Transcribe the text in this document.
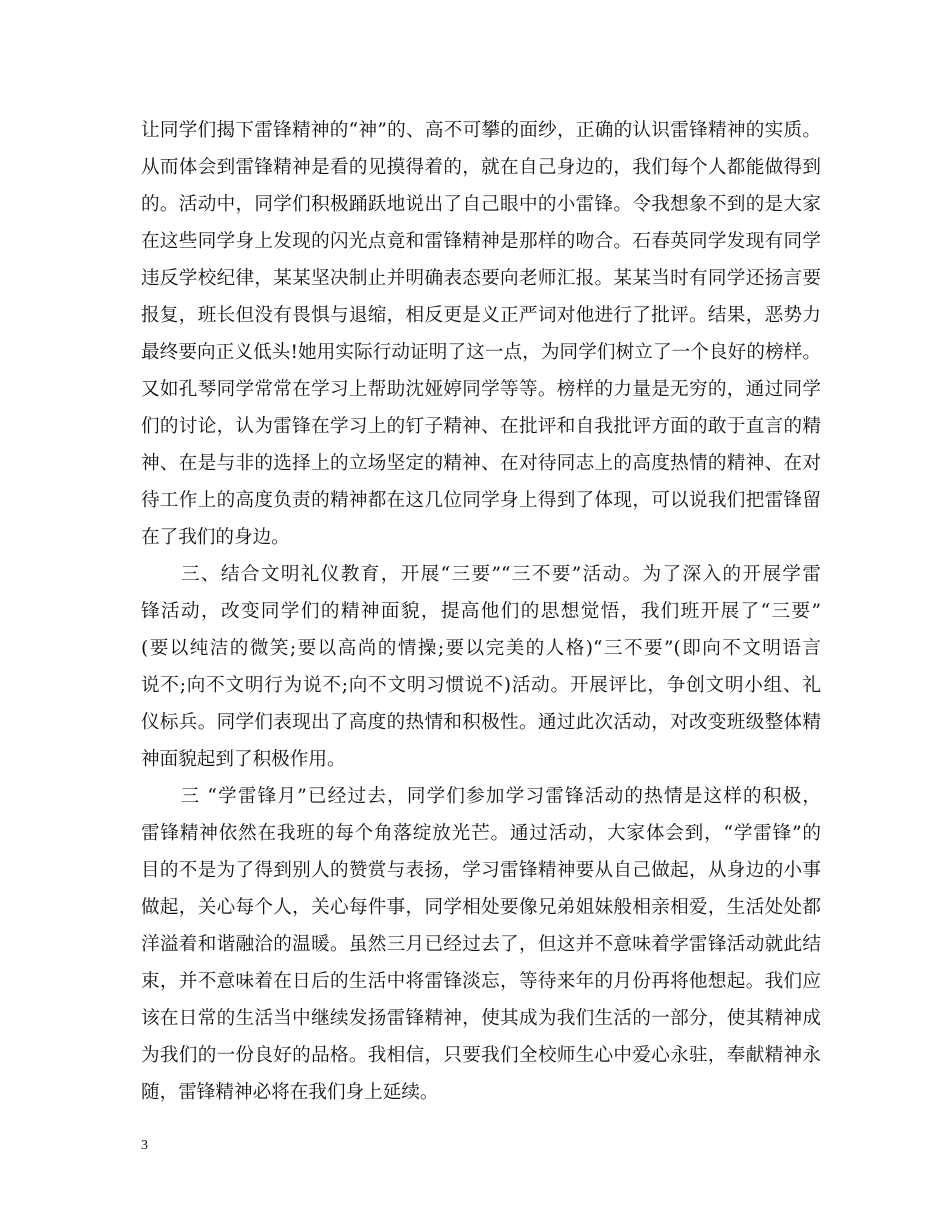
让同学们揭下雷锋精神的“神”的、高不可攀的面纱，正确的认识雷锋精神的实质。
从而体会到雷锋精神是看的见摸得着的，就在自己身边的，我们每个人都能做得到
的。活动中，同学们积极踊跃地说出了自己眼中的小雷锋。令我想象不到的是大家
在这些同学身上发现的闪光点竟和雷锋精神是那样的吻合。石春英同学发现有同学
违反学校纪律，某某坚决制止并明确表态要向老师汇报。某某当时有同学还扬言要
报复，班长但没有畏惧与退缩，相反更是义正严词对他进行了批评。结果，恶势力
最终要向正义低头!她用实际行动证明了这一点，为同学们树立了一个良好的榜样。
又如孔琴同学常常在学习上帮助沈娅婷同学等等。榜样的力量是无穷的，通过同学
们的讨论，认为雷锋在学习上的钉子精神、在批评和自我批评方面的敢于直言的精
神、在是与非的选择上的立场坚定的精神、在对待同志上的高度热情的精神、在对
待工作上的高度负责的精神都在这几位同学身上得到了体现，可以说我们把雷锋留
在了我们的身边。
　　三、结合文明礼仪教育，开展“三要”“三不要”活动。为了深入的开展学雷
锋活动，改变同学们的精神面貌，提高他们的思想觉悟，我们班开展了“三要”
(要以纯洁的微笑;要以高尚的情操;要以完美的人格)“三不要”(即向不文明语言
说不;向不文明行为说不;向不文明习惯说不)活动。开展评比，争创文明小组、礼
仪标兵。同学们表现出了高度的热情和积极性。通过此次活动，对改变班级整体精
神面貌起到了积极作用。
　　三 “学雷锋月”已经过去，同学们参加学习雷锋活动的热情是这样的积极，
雷锋精神依然在我班的每个角落绽放光芒。通过活动，大家体会到，“学雷锋”的
目的不是为了得到别人的赞赏与表扬，学习雷锋精神要从自己做起，从身边的小事
做起，关心每个人，关心每件事，同学相处要像兄弟姐妹般相亲相爱，生活处处都
洋溢着和谐融洽的温暖。虽然三月已经过去了，但这并不意味着学雷锋活动就此结
束，并不意味着在日后的生活中将雷锋淡忘，等待来年的月份再将他想起。我们应
该在日常的生活当中继续发扬雷锋精神，使其成为我们生活的一部分，使其精神成
为我们的一份良好的品格。我相信，只要我们全校师生心中爱心永驻，奉献精神永
随，雷锋精神必将在我们身上延续。
3
